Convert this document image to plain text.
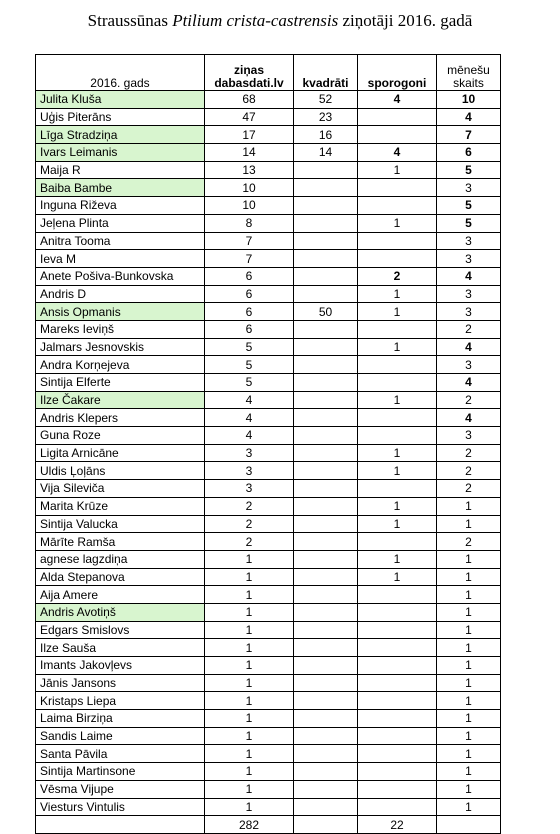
Straussūnas Ptilium crista-castrensis ziņotāji 2016. gadā
2016. gads	ziņas dabasdati.lv	kvadrāti	sporogoni	mēnešu skaits
Julita Kluša	68	52	4	10
Uģis Piterāns	47	23		4
Līga Stradziņa	17	16		7
Ivars Leimanis	14	14	4	6
Maija R	13		1	5
Baiba Bambe	10			3
Inguna Riževa	10			5
Jeļena Plinta	8		1	5
Anitra Tooma	7			3
Ieva M	7			3
Anete Pošiva-Bunkovska	6		2	4
Andris D	6		1	3
Ansis Opmanis	6	50	1	3
Mareks Ieviņš	6			2
Jalmars Jesnovskis	5		1	4
Andra Korņejeva	5			3
Sintija Elferte	5			4
Ilze Čakare	4		1	2
Andris Klepers	4			4
Guna Roze	4			3
Ligita Arnicāne	3		1	2
Uldis Ļoļāns	3		1	2
Vija Sileviča	3			2
Marita Krūze	2		1	1
Sintija Valucka	2		1	1
Mārīte Ramša	2			2
agnese lagzdiņa	1		1	1
Alda Stepanova	1		1	1
Aija Amere	1			1
Andris Avotiņš	1			1
Edgars Smislovs	1			1
Ilze Sauša	1			1
Imants Jakovļevs	1			1
Jānis Jansons	1			1
Kristaps Liepa	1			1
Laima Birziņa	1			1
Sandis Laime	1			1
Santa Pāvila	1			1
Sintija Martinsone	1			1
Vēsma Vijupe	1			1
Viesturs Vintulis	1			1
	282		22	
